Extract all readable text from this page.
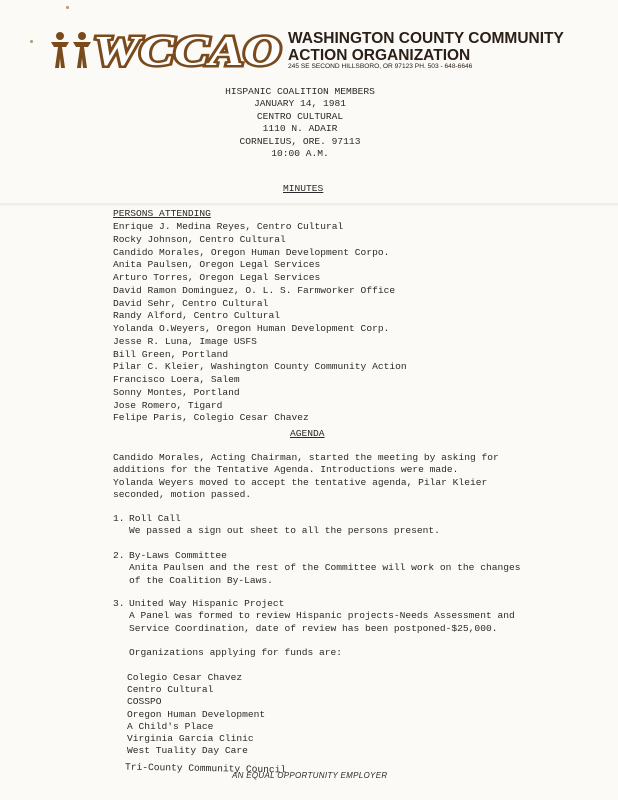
WCCAO WASHINGTON COUNTY COMMUNITY
ACTION ORGANIZATION
245 SE SECOND HILLSBORO, OR 97123 PH. 503 - 648-6646
HISPANIC COALITION MEMBERS
JANUARY 14, 1981
CENTRO CULTURAL
1110 N. ADAIR
CORNELIUS, ORE. 97113
10:00 A.M.
MINUTES
PERSONS ATTENDING
Enrique J. Medina Reyes, Centro Cultural
Rocky Johnson, Centro Cultural
Candido Morales, Oregon Human Development Corpo.
Anita Paulsen, Oregon Legal Services
Arturo Torres, Oregon Legal Services
David Ramon Dominguez, O. L. S. Farmworker Office
David Sehr, Centro Cultural
Randy Alford, Centro Cultural
Yolanda O.Weyers, Oregon Human Development Corp.
Jesse R. Luna, Image USFS
Bill Green, Portland
Pilar C. Kleier, Washington County Community Action
Francisco Loera, Salem
Sonny Montes, Portland
Jose Romero, Tigard
Felipe Paris, Colegio Cesar Chavez
AGENDA
Candido Morales, Acting Chairman, started the meeting by asking for
additions for the Tentative Agenda. Introductions were made.
Yolanda Weyers moved to accept the tentative agenda, Pilar Kleier
seconded, motion passed.
1. Roll Call
We passed a sign out sheet to all the persons present.
2. By-Laws Committee
Anita Paulsen and the rest of the Committee will work on the changes
of the Coalition By-Laws.
3. United Way Hispanic Project
A Panel was formed to review Hispanic projects-Needs Assessment and
Service Coordination, date of review has been postponed-$25,000.
Organizations applying for funds are:
Colegio Cesar Chavez
Centro Cultural
COSSPO
Oregon Human Development
A Child's Place
Virginia Garcia Clinic
West Tuality Day Care
Tri-County Community Council
AN EQUAL OPPORTUNITY EMPLOYER
